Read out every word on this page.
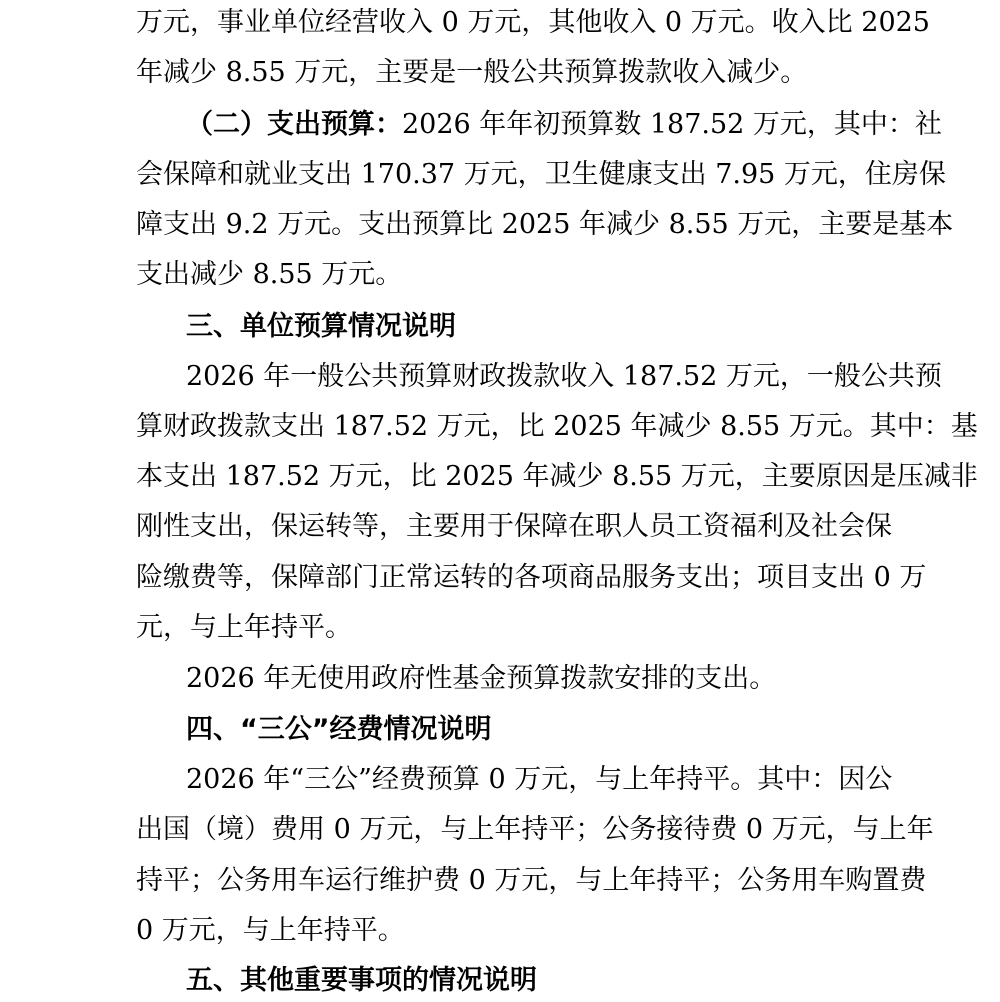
万元，事业单位经营收入 0 万元，其他收入 0 万元。收入比 2025
年减少 8.55 万元，主要是一般公共预算拨款收入减少。
（二）支出预算：2026 年年初预算数 187.52 万元，其中：社
会保障和就业支出 170.37 万元，卫生健康支出 7.95 万元，住房保
障支出 9.2 万元。支出预算比 2025 年减少 8.55 万元，主要是基本
支出减少 8.55 万元。
三、单位预算情况说明
2026 年一般公共预算财政拨款收入 187.52 万元，一般公共预
算财政拨款支出 187.52 万元，比 2025 年减少 8.55 万元。其中：基
本支出 187.52 万元，比 2025 年减少 8.55 万元，主要原因是压减非
刚性支出，保运转等，主要用于保障在职人员工资福利及社会保
险缴费等，保障部门正常运转的各项商品服务支出；项目支出 0 万
元，与上年持平。
2026 年无使用政府性基金预算拨款安排的支出。
四、“三公”经费情况说明
2026 年“三公”经费预算 0 万元，与上年持平。其中：因公
出国（境）费用 0 万元，与上年持平；公务接待费 0 万元，与上年
持平；公务用车运行维护费 0 万元，与上年持平；公务用车购置费
0 万元，与上年持平。
五、其他重要事项的情况说明
